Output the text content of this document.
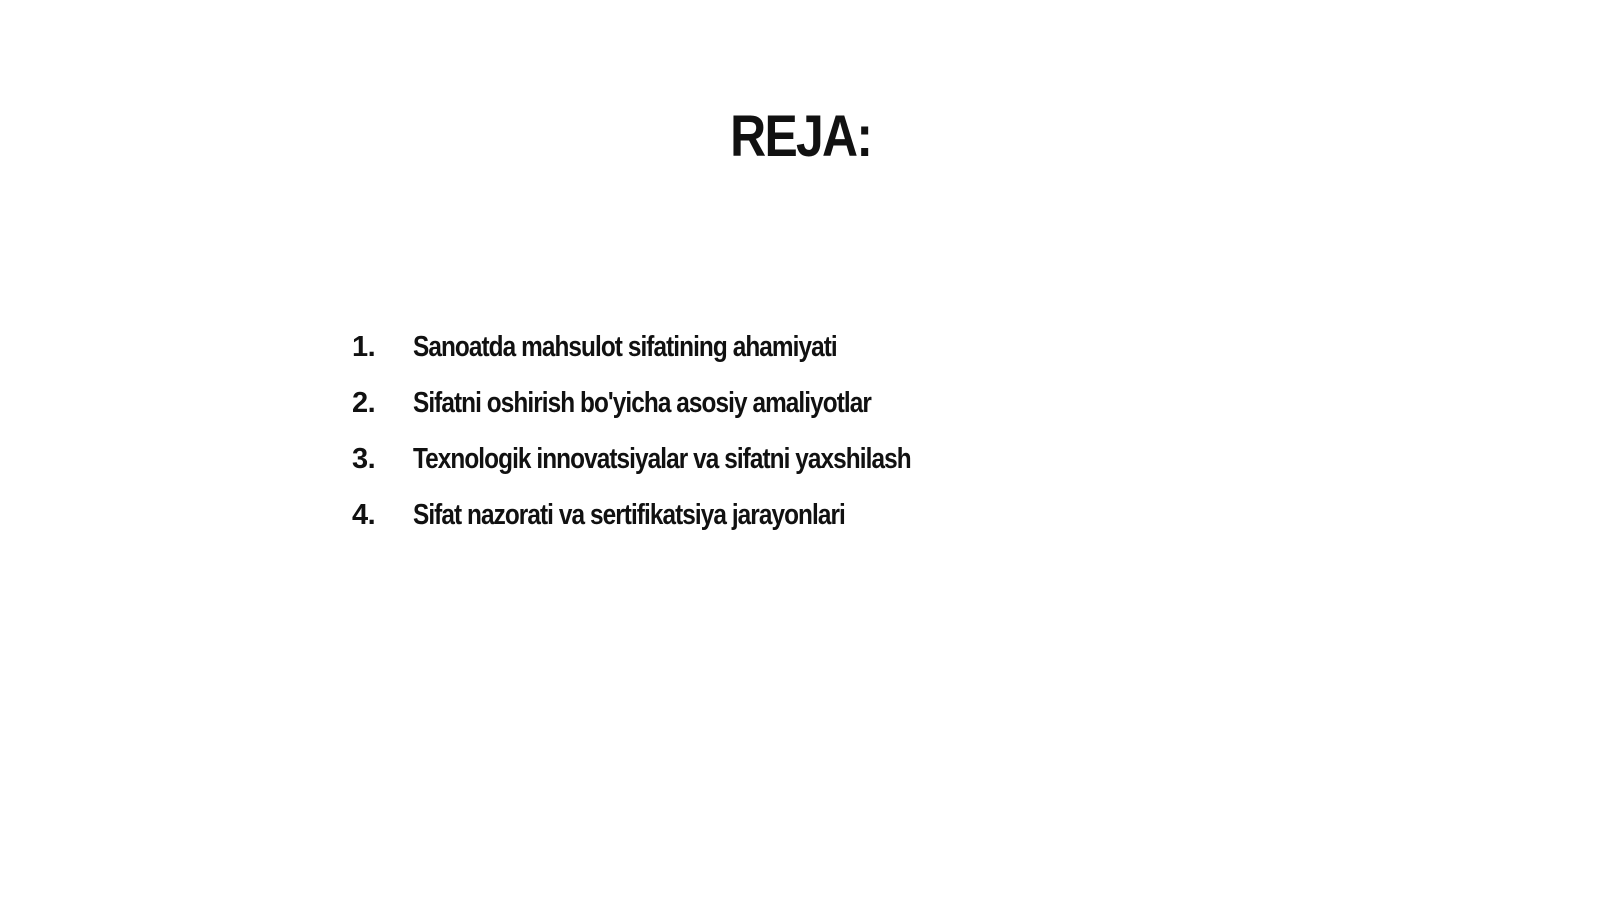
REJA:
1.	Sanoatda mahsulot sifatining ahamiyati
2.	Sifatni oshirish bo'yicha asosiy amaliyotlar
3.	Texnologik innovatsiyalar va sifatni yaxshilash
4.	Sifat nazorati va sertifikatsiya jarayonlari
